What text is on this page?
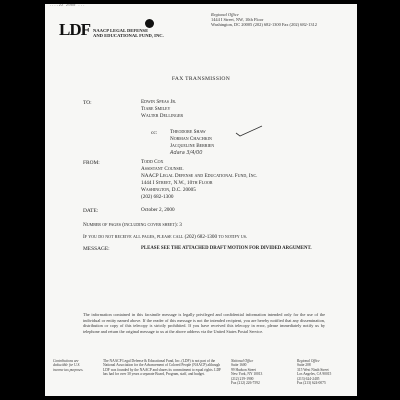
...-22 2000 ...
LDF NAACP LEGAL DEFENSE
AND EDUCATIONAL FUND, INC.
Regional Office
1444 I Street, NW, 10th Floor
Washington, DC 20005 (202) 682-1300 Fax (202) 682-1312
FAX TRANSMISSION
TO:	Edwin Speas Jr.
Tiare Smiley
Walter Dellinger
cc: Theodore Shaw
Norman Chachkin
Jacqueline Berrien
Adara 3/4/00
FROM:	Todd Cox
Assistant Counsel
NAACP Legal Defense and Educational Fund, Inc.
1444 I Street, N.W., 10th Floor
Washington, D.C. 20005
(202) 682-1300
DATE:	October 2, 2000
Number of pages (including cover sheet): 3
If you do not receive all pages, please call (202) 682-1300 to notify us.
MESSAGE:	PLEASE SEE THE ATTACHED DRAFT MOTION FOR DIVIDED ARGUMENT.
The information contained in this facsimile message is legally privileged and confidential information intended only for the use of the individual or entity named above. If the reader of this message is not the intended recipient, you are hereby notified that any dissemination, distribution or copy of this telecopy is strictly prohibited. If you have received this telecopy in error, please immediately notify us by telephone and return the original message to us at the above address via the United States Postal Service.
Contributions are deductible for U.S. income tax purposes.
The NAACP Legal Defense & Educational Fund, Inc. (LDF) is not part of the National Association for the Advancement of Colored People (NAACP) although LDF was founded by the NAACP and shares its commitment to equal rights. LDF has had for over 30 years a separate Board, Program, staff, and budget.
National Office
Suite 1600
99 Hudson Street
New York, NY 10013
(212) 219-1900
Fax (212) 226-7592
Regional Office
Suite 208
315 West Ninth Street
Los Angeles, CA 90015
(213) 624-2405
Fax (213) 624-0075
